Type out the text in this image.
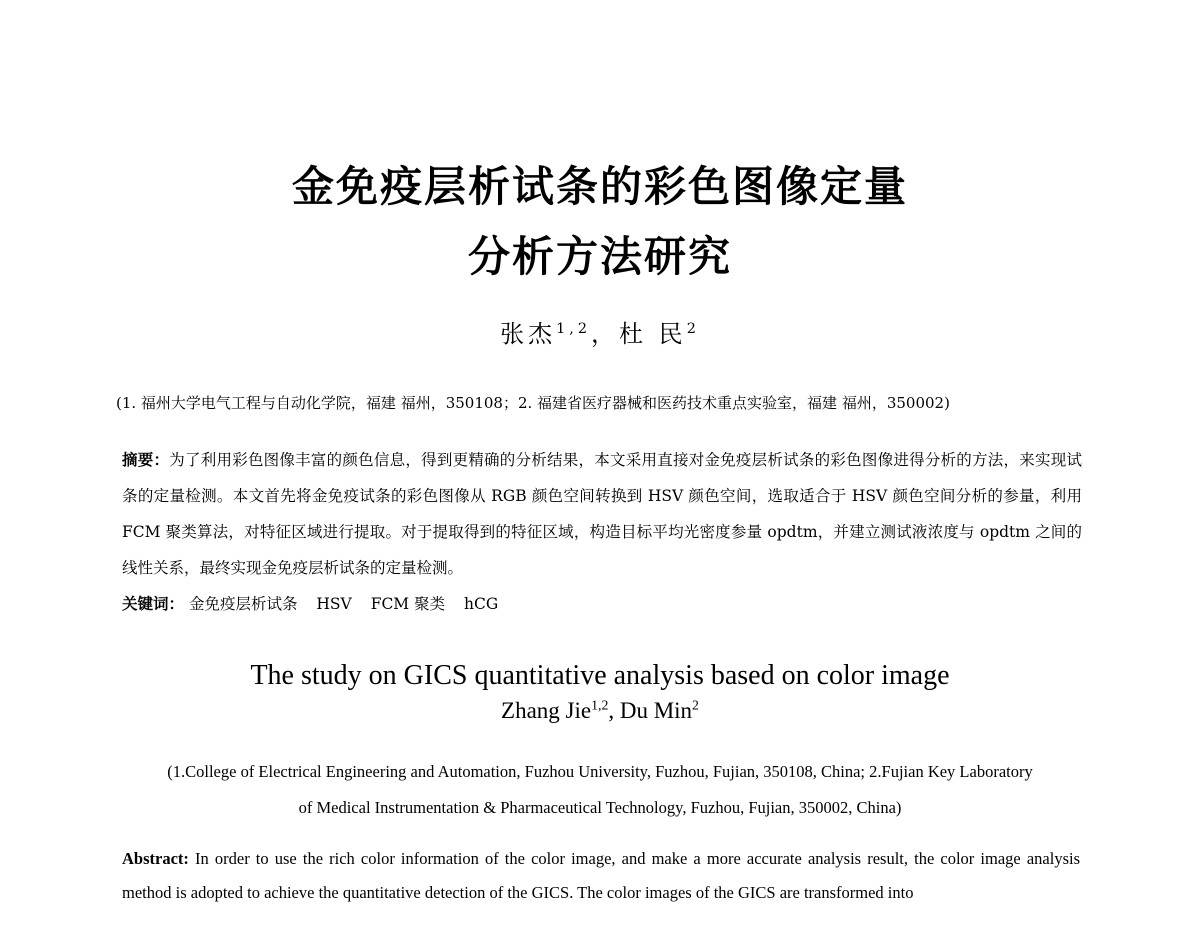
金免疫层析试条的彩色图像定量
分析方法研究
张杰$^{1,2}$，杜 民$^2$
(1. 福州大学电气工程与自动化学院，福建 福州，350108；2. 福建省医疗器械和医药技术重点实验室，福建 福州，350002)
摘要：为了利用彩色图像丰富的颜色信息，得到更精确的分析结果，本文采用直接对金免疫层析试条的彩色图像进得分析的方法，来实现试条的定量检测。本文首先将金免疫试条的彩色图像从 RGB 颜色空间转换到 HSV 颜色空间，选取适合于 HSV 颜色空间分析的参量，利用 FCM 聚类算法，对特征区域进行提取。对于提取得到的特征区域，构造目标平均光密度参量 opdtm，并建立测试液浓度与 opdtm 之间的线性关系，最终实现金免疫层析试条的定量检测。
关键词： 金免疫层析试条 HSV FCM 聚类 hCG
The study on GICS quantitative analysis based on color image
Zhang Jie$^{1,2}$, Du Min$^2$
(1.College of Electrical Engineering and Automation, Fuzhou University, Fuzhou, Fujian, 350108, China; 2.Fujian Key Laboratory
of Medical Instrumentation & Pharmaceutical Technology, Fuzhou, Fujian, 350002, China)
Abstract: In order to use the rich color information of the color image, and make a more accurate analysis result, the color image analysis method is adopted to achieve the quantitative detection of the GICS. The color images of the GICS are transformed into
